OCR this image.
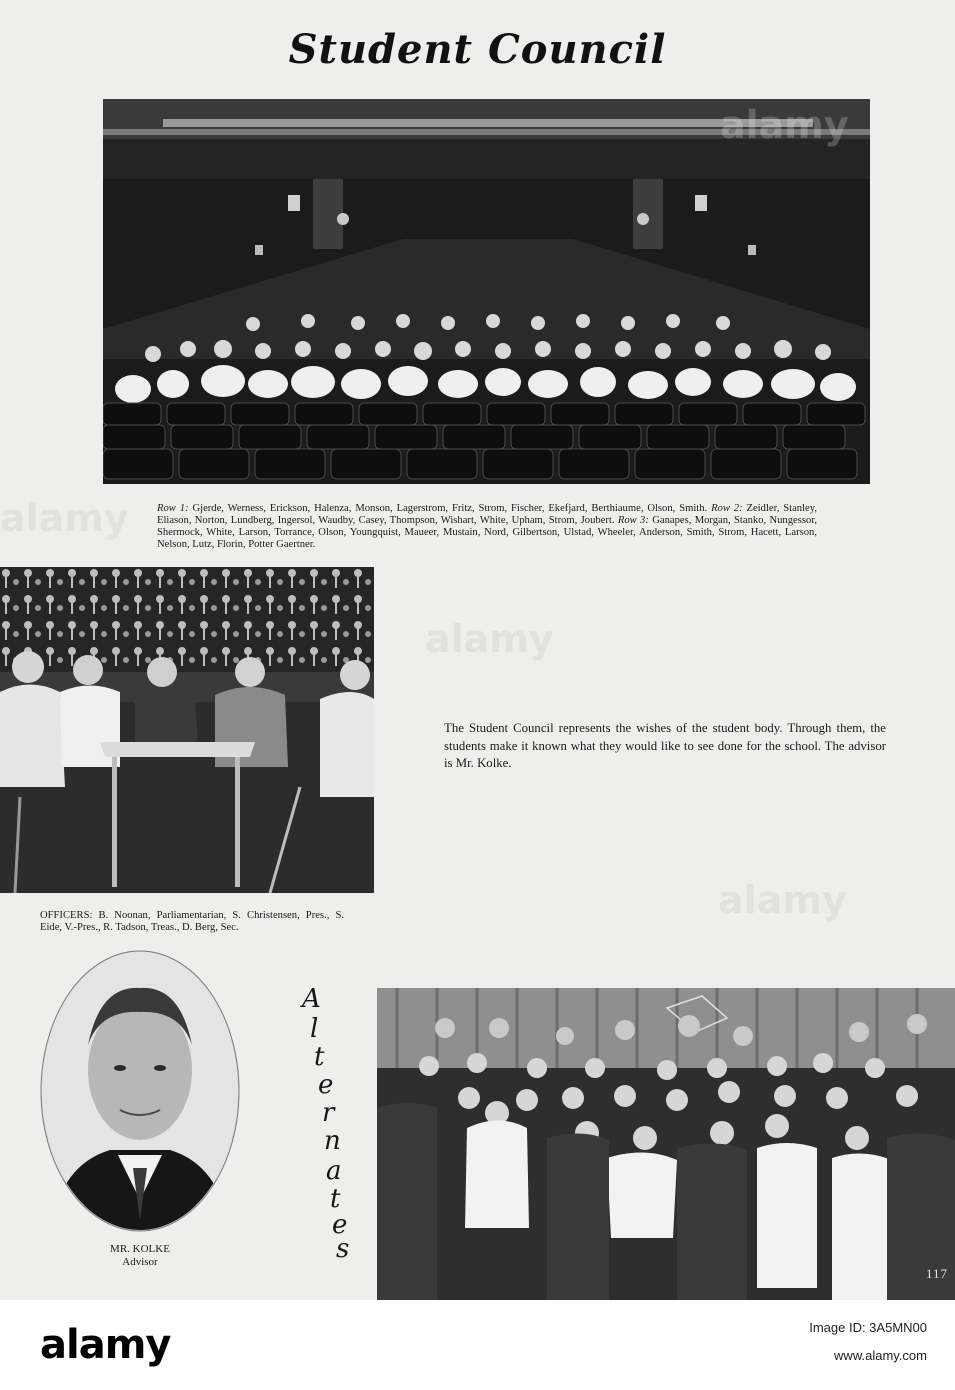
Student Council
Row 1: Gjerde, Werness, Erickson, Halenza, Monson, Lagerstrom, Fritz, Strom, Fischer, Ekefjard, Berthiaume, Olson, Smith. Row 2: Zeidler, Stanley, Eliason, Norton, Lundberg, Ingersol, Waudby, Casey, Thompson, Wishart, White, Upham, Strom, Joubert. Row 3: Ganapes, Morgan, Stanko, Nungessor, Shermock, White, Larson, Torrance, Olson, Youngquist, Maueer, Mustain, Nord, Gilbertson, Ulstad, Wheeler, Anderson, Smith, Strom, Hacett, Larson, Nelson, Lutz, Florin, Potter Gaertner.
The Student Council represents the wishes of the student body. Through them, the students make it known what they would like to see done for the school. The advisor is Mr. Kolke.
OFFICERS: B. Noonan, Parliamentarian, S. Christensen, Pres., S. Eide, V.-Pres., R. Tadson, Treas., D. Berg, Sec.
MR. KOLKE
Advisor
117
alamy
alamy
alamy
alamy
A
l
t
e
r
n
a
t
e
s
alamy	Image ID: 3A5MN00
www.alamy.com
